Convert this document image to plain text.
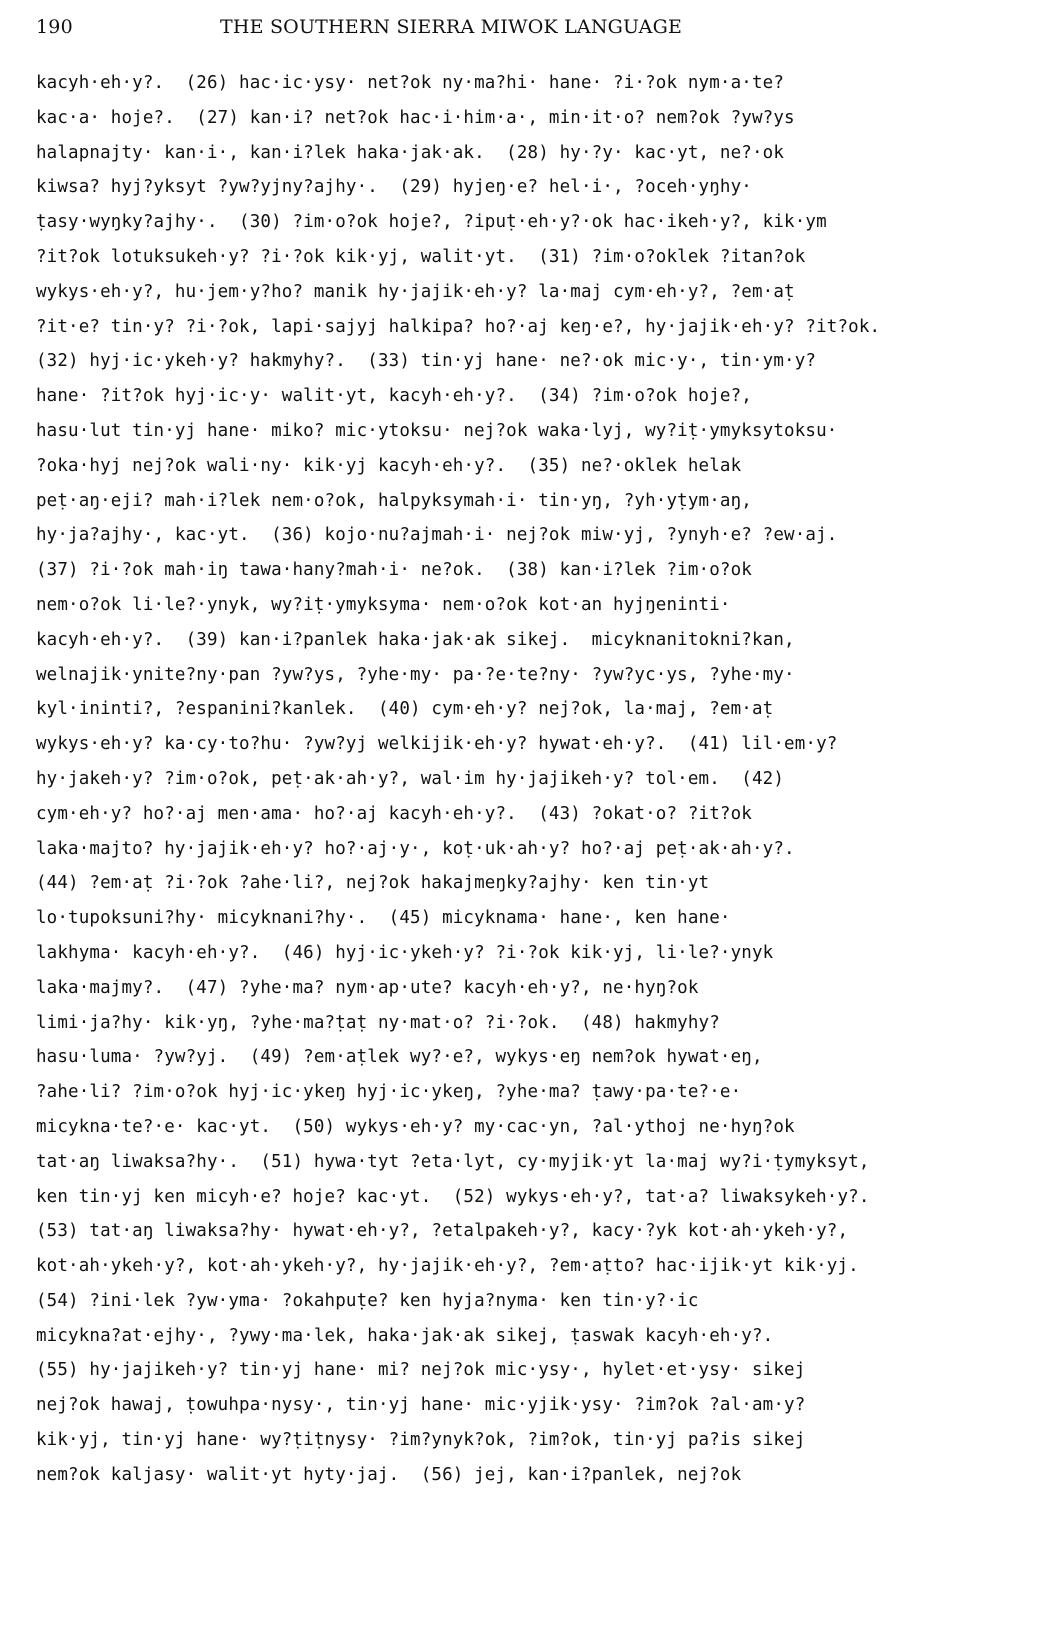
190	THE SOUTHERN SIERRA MIWOK LANGUAGE
kacyh·eh·y?.  (26) hac·ic·ysy· net?ok ny·ma?hi· hane· ?i·?ok nym·a·te?
kac·a· hoje?.  (27) kan·i? net?ok hac·i·him·a·, min·it·o? nem?ok ?yw?ys
halapnajty· kan·i·, kan·i?lek haka·jak·ak.  (28) hy·?y· kac·yt, ne?·ok
kiwsa? hyj?yksyt ?yw?yjny?ajhy·.  (29) hyjeŋ·e? hel·i·, ?oceh·yŋhy·
ṭasy·wyŋky?ajhy·.  (30) ?im·o?ok hoje?, ?ipuṭ·eh·y?·ok hac·ikeh·y?, kik·ym
?it?ok lotuksukeh·y? ?i·?ok kik·yj, walit·yt.  (31) ?im·o?oklek ?itan?ok
wykys·eh·y?, hu·jem·y?ho? manik hy·jajik·eh·y? la·maj cym·eh·y?, ?em·aṭ
?it·e? tin·y? ?i·?ok, lapi·sajyj halkipa? ho?·aj keŋ·e?, hy·jajik·eh·y? ?it?ok.
(32) hyj·ic·ykeh·y? hakmyhy?.  (33) tin·yj hane· ne?·ok mic·y·, tin·ym·y?
hane· ?it?ok hyj·ic·y· walit·yt, kacyh·eh·y?.  (34) ?im·o?ok hoje?,
hasu·lut tin·yj hane· miko? mic·ytoksu· nej?ok waka·lyj, wy?iṭ·ymyksytoksu·
?oka·hyj nej?ok wali·ny· kik·yj kacyh·eh·y?.  (35) ne?·oklek helak
peṭ·aŋ·eji? mah·i?lek nem·o?ok, halpyksymah·i· tin·yŋ, ?yh·yṭym·aŋ,
hy·ja?ajhy·, kac·yt.  (36) kojo·nu?ajmah·i· nej?ok miw·yj, ?ynyh·e? ?ew·aj.
(37) ?i·?ok mah·iŋ tawa·hany?mah·i· ne?ok.  (38) kan·i?lek ?im·o?ok
nem·o?ok li·le?·ynyk, wy?iṭ·ymyksyma· nem·o?ok kot·an hyjŋeninti·
kacyh·eh·y?.  (39) kan·i?panlek haka·jak·ak sikej.  micyknanitokni?kan,
welnajik·ynite?ny·pan ?yw?ys, ?yhe·my· pa·?e·te?ny· ?yw?yc·ys, ?yhe·my·
kyl·ininti?, ?espanini?kanlek.  (40) cym·eh·y? nej?ok, la·maj, ?em·aṭ
wykys·eh·y? ka·cy·to?hu· ?yw?yj welkijik·eh·y? hywat·eh·y?.  (41) lil·em·y?
hy·jakeh·y? ?im·o?ok, peṭ·ak·ah·y?, wal·im hy·jajikeh·y? tol·em.  (42)
cym·eh·y? ho?·aj men·ama· ho?·aj kacyh·eh·y?.  (43) ?okat·o? ?it?ok
laka·majto? hy·jajik·eh·y? ho?·aj·y·, koṭ·uk·ah·y? ho?·aj peṭ·ak·ah·y?.
(44) ?em·aṭ ?i·?ok ?ahe·li?, nej?ok hakajmeŋky?ajhy· ken tin·yt
lo·tupoksuni?hy· micyknani?hy·.  (45) micyknama· hane·, ken hane·
lakhyma· kacyh·eh·y?.  (46) hyj·ic·ykeh·y? ?i·?ok kik·yj, li·le?·ynyk
laka·majmy?.  (47) ?yhe·ma? nym·ap·ute? kacyh·eh·y?, ne·hyŋ?ok
limi·ja?hy· kik·yŋ, ?yhe·ma?ṭaṭ ny·mat·o? ?i·?ok.  (48) hakmyhy?
hasu·luma· ?yw?yj.  (49) ?em·aṭlek wy?·e?, wykys·eŋ nem?ok hywat·eŋ,
?ahe·li? ?im·o?ok hyj·ic·ykeŋ hyj·ic·ykeŋ, ?yhe·ma? ṭawy·pa·te?·e·
micykna·te?·e· kac·yt.  (50) wykys·eh·y? my·cac·yn, ?al·ythoj ne·hyŋ?ok
tat·aŋ liwaksa?hy·.  (51) hywa·tyt ?eta·lyt, cy·myjik·yt la·maj wy?i·ṭymyksyt,
ken tin·yj ken micyh·e? hoje? kac·yt.  (52) wykys·eh·y?, tat·a? liwaksykeh·y?.
(53) tat·aŋ liwaksa?hy· hywat·eh·y?, ?etalpakeh·y?, kacy·?yk kot·ah·ykeh·y?,
kot·ah·ykeh·y?, kot·ah·ykeh·y?, hy·jajik·eh·y?, ?em·aṭto? hac·ijik·yt kik·yj.
(54) ?ini·lek ?yw·yma· ?okahpuṭe? ken hyja?nyma· ken tin·y?·ic
micykna?at·ejhy·, ?ywy·ma·lek, haka·jak·ak sikej, ṭaswak kacyh·eh·y?.
(55) hy·jajikeh·y? tin·yj hane· mi? nej?ok mic·ysy·, hylet·et·ysy· sikej
nej?ok hawaj, ṭowuhpa·nysy·, tin·yj hane· mic·yjik·ysy· ?im?ok ?al·am·y?
kik·yj, tin·yj hane· wy?ṭiṭnysy· ?im?ynyk?ok, ?im?ok, tin·yj pa?is sikej
nem?ok kaljasy· walit·yt hyty·jaj.  (56) jej, kan·i?panlek, nej?ok
